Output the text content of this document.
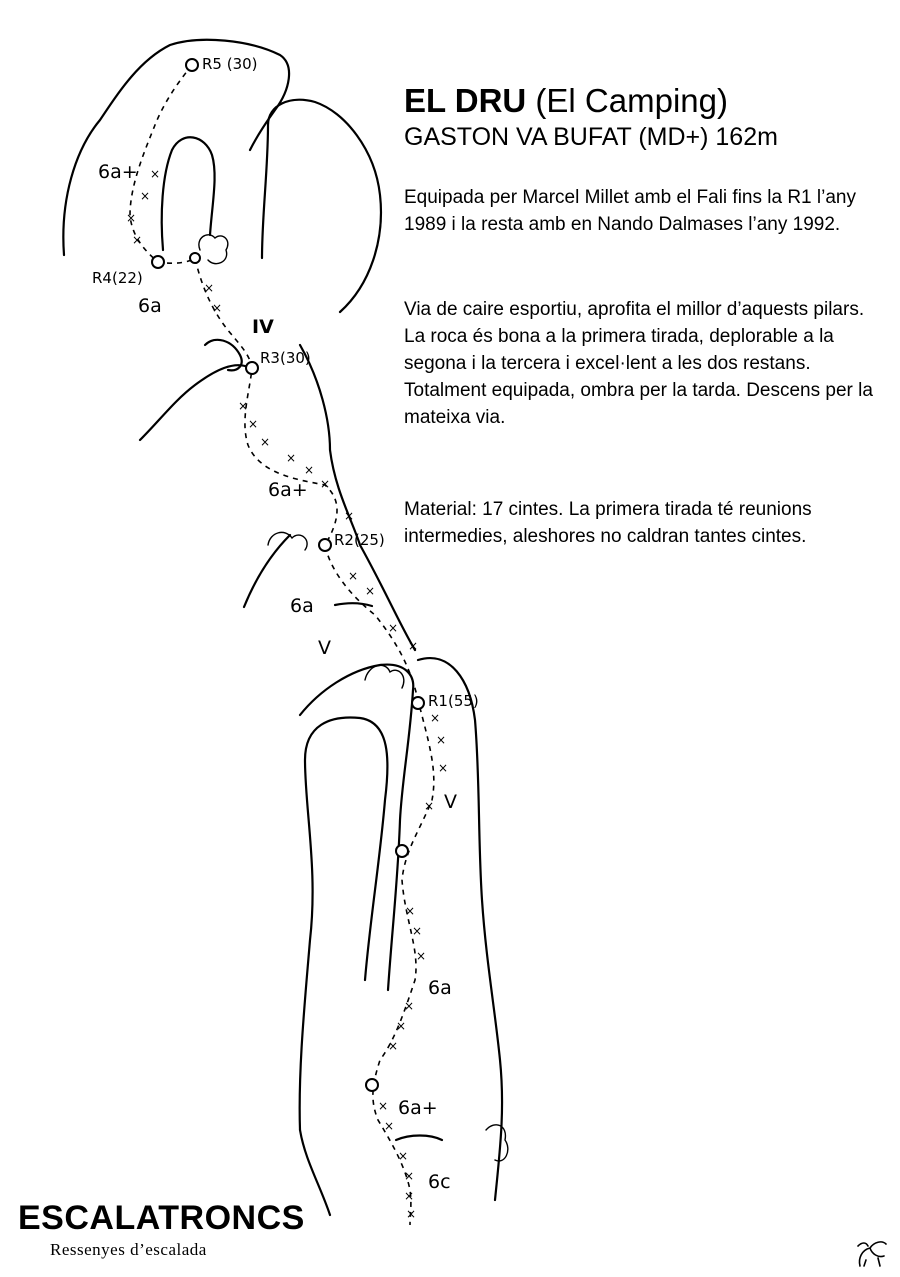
×
×
×
×
×
×
×
×
×
×
×
×
×
×
×
×
×
×
×
×
×
×
×
×
×
×
×
×
×
×
×
×
×
R5 (30)
R4(22)
R3(30)
R2(25)
R1(55)
6a+
6a
IV
6a+
6a
V
V
6a
6a+
6c

EL DRU (El Camping)

GASTON VA BUFAT (MD+) 162m

Equipada per Marcel Millet amb el Fali fins la R1 l’any 1989 i la resta amb en Nando Dalmases l’any 1992.

Via de caire esportiu, aprofita el millor d’aquests pilars. La roca és bona a la primera tirada, deplorable a la segona i la tercera i excel·lent a les dos restans. Totalment equipada, ombra per la tarda. Descens per la mateixa via.

Material: 17 cintes. La primera tirada té reunions intermedies, aleshores no caldran tantes cintes.

ESCALATRONCS

Ressenyes d’escalada
